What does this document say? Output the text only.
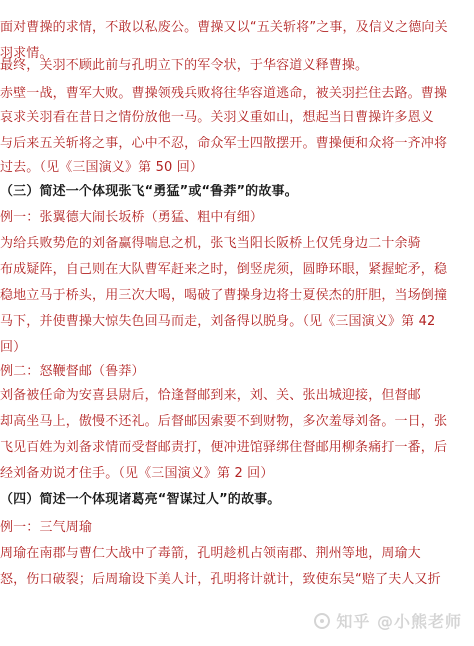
面对曹操的求情，不敢以私废公。曹操又以“五关斩将”之事，及信义之德向关

羽求情。

最终，关羽不顾此前与孔明立下的军令状，于华容道义释曹操。

赤壁一战，曹军大败。曹操领残兵败将往华容道逃命，被关羽拦住去路。曹操

哀求关羽看在昔日之情份放他一马。关羽义重如山，想起当日曹操许多恩义

与后来五关斩将之事，心中不忍，命众军士四散摆开。曹操便和众将一齐冲将

过去。（见《三国演义》第 50 回）

（三）简述一个体现张飞“勇猛”或“鲁莽”的故事。

例一：张翼德大闹长坂桥（勇猛、粗中有细）

为给兵败势危的刘备赢得喘息之机，张飞当阳长阪桥上仅凭身边二十余骑

布成疑阵，自己则在大队曹军赶来之时，倒竖虎须，圆睁环眼，紧握蛇矛，稳

稳地立马于桥头，用三次大喝，喝破了曹操身边将士夏侯杰的肝胆，当场倒撞

马下，并使曹操大惊失色回马而走，刘备得以脱身。（见《三国演义》第 42

回）

例二：怒鞭督邮（鲁莽）

刘备被任命为安喜县尉后，恰逢督邮到来，刘、关、张出城迎接，但督邮

却高坐马上，傲慢不还礼。后督邮因索要不到财物，多次羞辱刘备。一日，张

飞见百姓为刘备求情而受督邮责打，便冲进馆驿绑住督邮用柳条痛打一番，后

经刘备劝说才住手。（见《三国演义》第 2 回）

（四）简述一个体现诸葛亮“智谋过人”的故事。

例一：三气周瑜

周瑜在南郡与曹仁大战中了毒箭，孔明趁机占领南郡、荆州等地，周瑜大

怒，伤口破裂；后周瑜设下美人计，孔明将计就计，致使东吴“赔了夫人又折

知乎 @小熊老师
